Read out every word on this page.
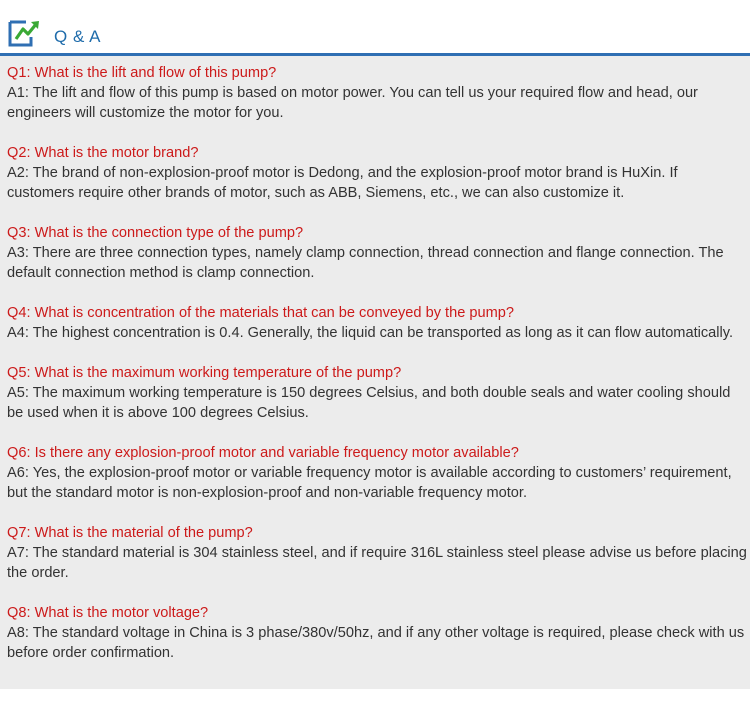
Q & A
Q1: What is the lift and flow of this pump?
A1: The lift and flow of this pump is based on motor power. You can tell us your required flow and head, our engineers will customize the motor for you.
Q2: What is the motor brand?
A2: The brand of non-explosion-proof motor is Dedong, and the explosion-proof motor brand is HuXin. If customers require other brands of motor, such as ABB, Siemens, etc., we can also customize it.
Q3: What is the connection type of the pump?
A3: There are three connection types, namely clamp connection, thread connection and flange connection. The default connection method is clamp connection.
Q4: What is concentration of the materials that can be conveyed by the pump?
A4: The highest concentration is 0.4. Generally, the liquid can be transported as long as it can flow automatically.
Q5: What is the maximum working temperature of the pump?
A5: The maximum working temperature is 150 degrees Celsius, and both double seals and water cooling should be used when it is above 100 degrees Celsius.
Q6: Is there any explosion-proof motor and variable frequency motor available?
A6: Yes, the explosion-proof motor or variable frequency motor is available according to customers’ requirement, but the standard motor is non-explosion-proof and non-variable frequency motor.
Q7: What is the material of the pump?
A7: The standard material is 304 stainless steel, and if require 316L stainless steel please advise us before placing the order.
Q8: What is the motor voltage?
A8: The standard voltage in China is 3 phase/380v/50hz, and if any other voltage is required, please check with us before order confirmation.
